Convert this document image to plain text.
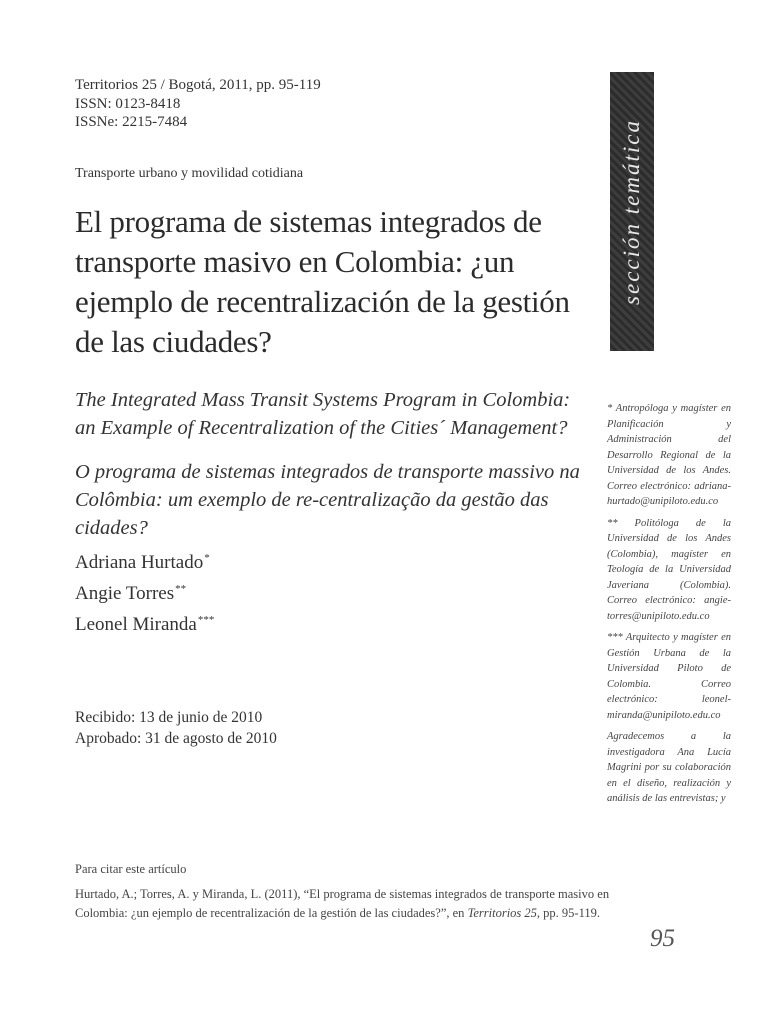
Territorios 25 / Bogotá, 2011, pp. 95-119
ISSN: 0123-8418
ISSNe: 2215-7484
Transporte urbano y movilidad cotidiana
El programa de sistemas integrados de transporte masivo en Colombia: ¿un ejemplo de recentralización de la gestión de las ciudades?
The Integrated Mass Transit Systems Program in Colombia: an Example of Recentralization of the Cities´ Management?
O programa de sistemas integrados de transporte massivo na Colômbia: um exemplo de re-centralização da gestão das cidades?
Adriana Hurtado*
Angie Torres**
Leonel Miranda***
Recibido: 13 de junio de 2010
Aprobado: 31 de agosto de 2010
Para citar este artículo
Hurtado, A.; Torres, A. y Miranda, L. (2011), “El programa de sistemas integrados de transporte masivo en Colombia: ¿un ejemplo de recentralización de la gestión de las ciudades?”, en Territorios 25, pp. 95-119.
sección temática

* Antropóloga y magíster en Planificación y Administración del Desarrollo Regional de la Universidad de los Andes. Correo electrónico: adriana-hurtado@unipiloto.edu.co

** Politóloga de la Universidad de los Andes (Colombia), magíster en Teología de la Universidad Javeriana (Colombia). Correo electrónico: angie-torres@unipiloto.edu.co

*** Arquitecto y magíster en Gestión Urbana de la Universidad Piloto de Colombia. Correo electrónico: leonel-miranda@unipiloto.edu.co

Agradecemos a la investigadora Ana Lucía Magrini por su colaboración en el diseño, realización y análisis de las entrevistas; y

95
